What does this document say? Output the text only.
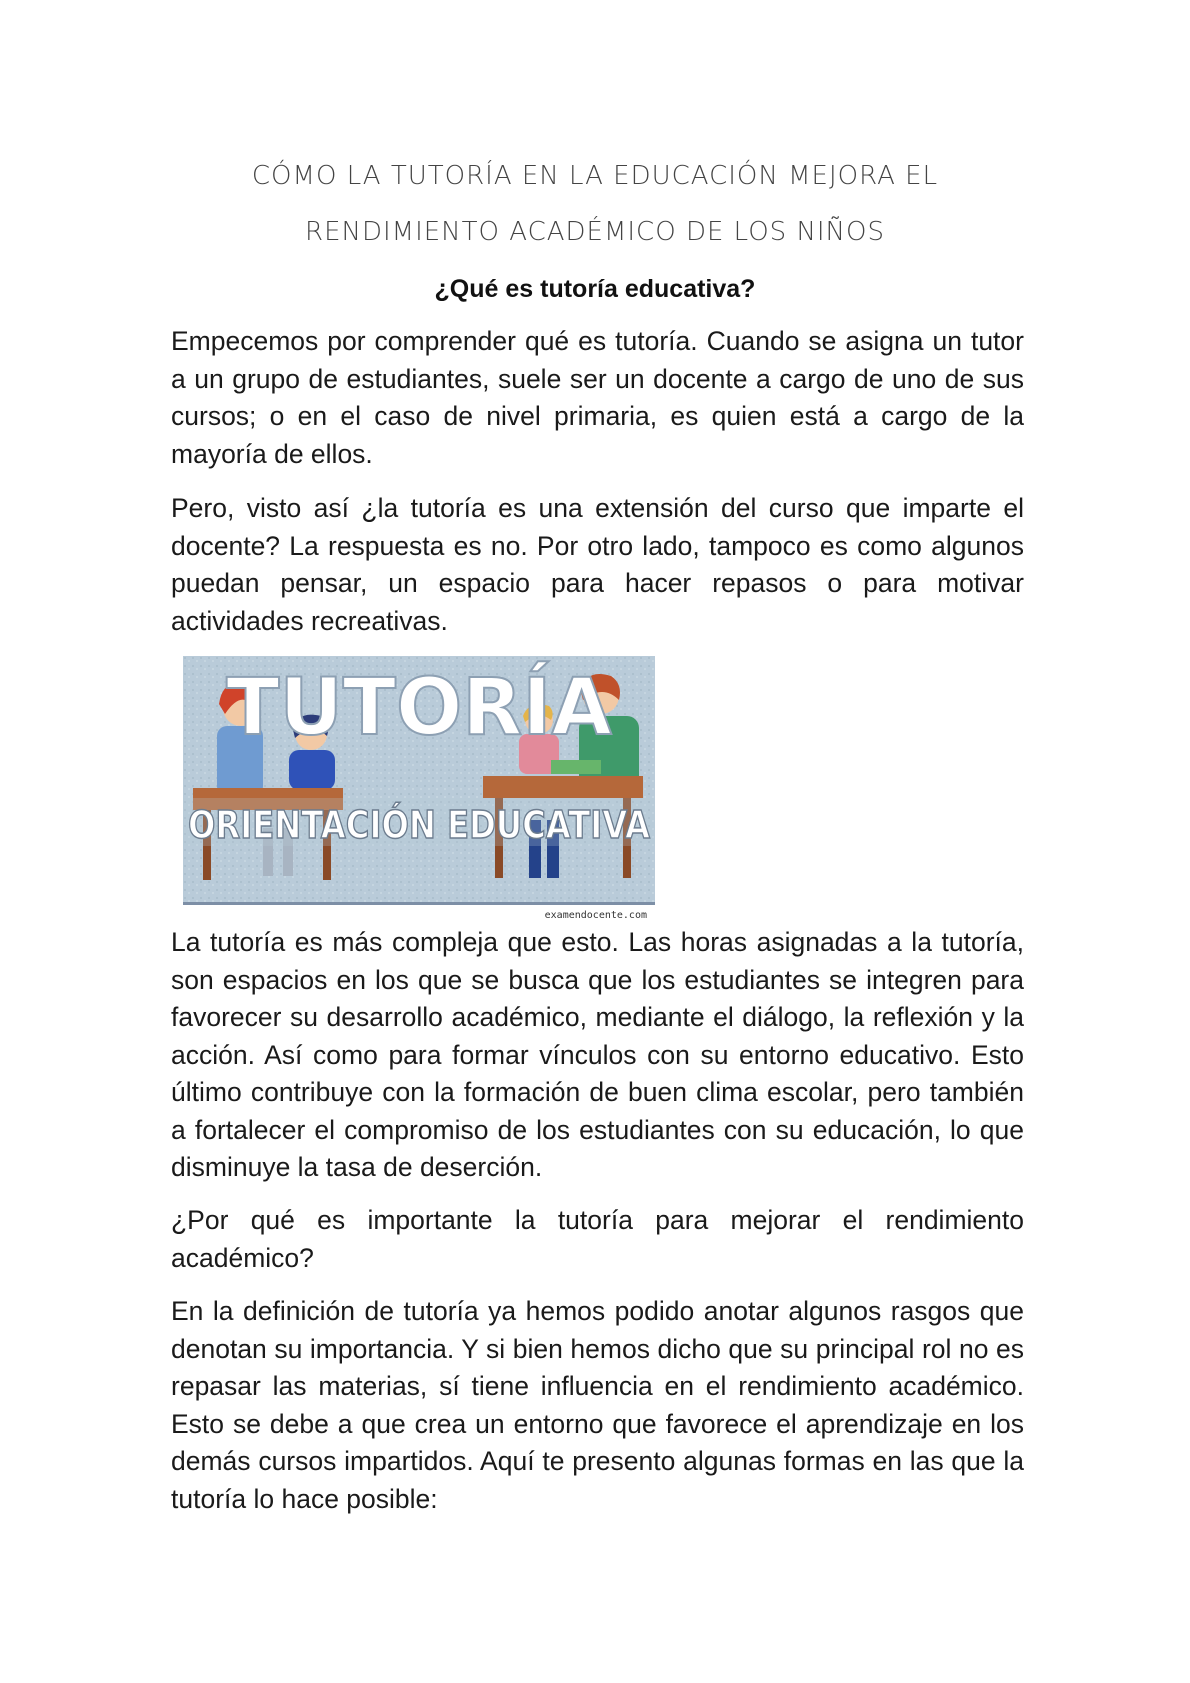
CÓMO LA TUTORÍA EN LA EDUCACIÓN MEJORA EL
RENDIMIENTO ACADÉMICO DE LOS NIÑOS
¿Qué es tutoría educativa?

Empecemos por comprender qué es tutoría. Cuando se asigna un tutor a un grupo de estudiantes, suele ser un docente a cargo de uno de sus cursos; o en el caso de nivel primaria, es quien está a cargo de la mayoría de ellos.

Pero, visto así ¿la tutoría es una extensión del curso que imparte el docente? La respuesta es no. Por otro lado, tampoco es como algunos puedan pensar, un espacio para hacer repasos o para motivar actividades recreativas.

TUTORÍA
ORIENTACIÓN EDUCATIVA
examendocente.com

La tutoría es más compleja que esto. Las horas asignadas a la tutoría, son espacios en los que se busca que los estudiantes se integren para favorecer su desarrollo académico, mediante el diálogo, la reflexión y la acción. Así como para formar vínculos con su entorno educativo. Esto último contribuye con la formación de buen clima escolar, pero también a fortalecer el compromiso de los estudiantes con su educación, lo que disminuye la tasa de deserción.

¿Por qué es importante la tutoría para mejorar el rendimiento académico?

En la definición de tutoría ya hemos podido anotar algunos rasgos que denotan su importancia. Y si bien hemos dicho que su principal rol no es repasar las materias, sí tiene influencia en el rendimiento académico. Esto se debe a que crea un entorno que favorece el aprendizaje en los demás cursos impartidos. Aquí te presento algunas formas en las que la tutoría lo hace posible:
